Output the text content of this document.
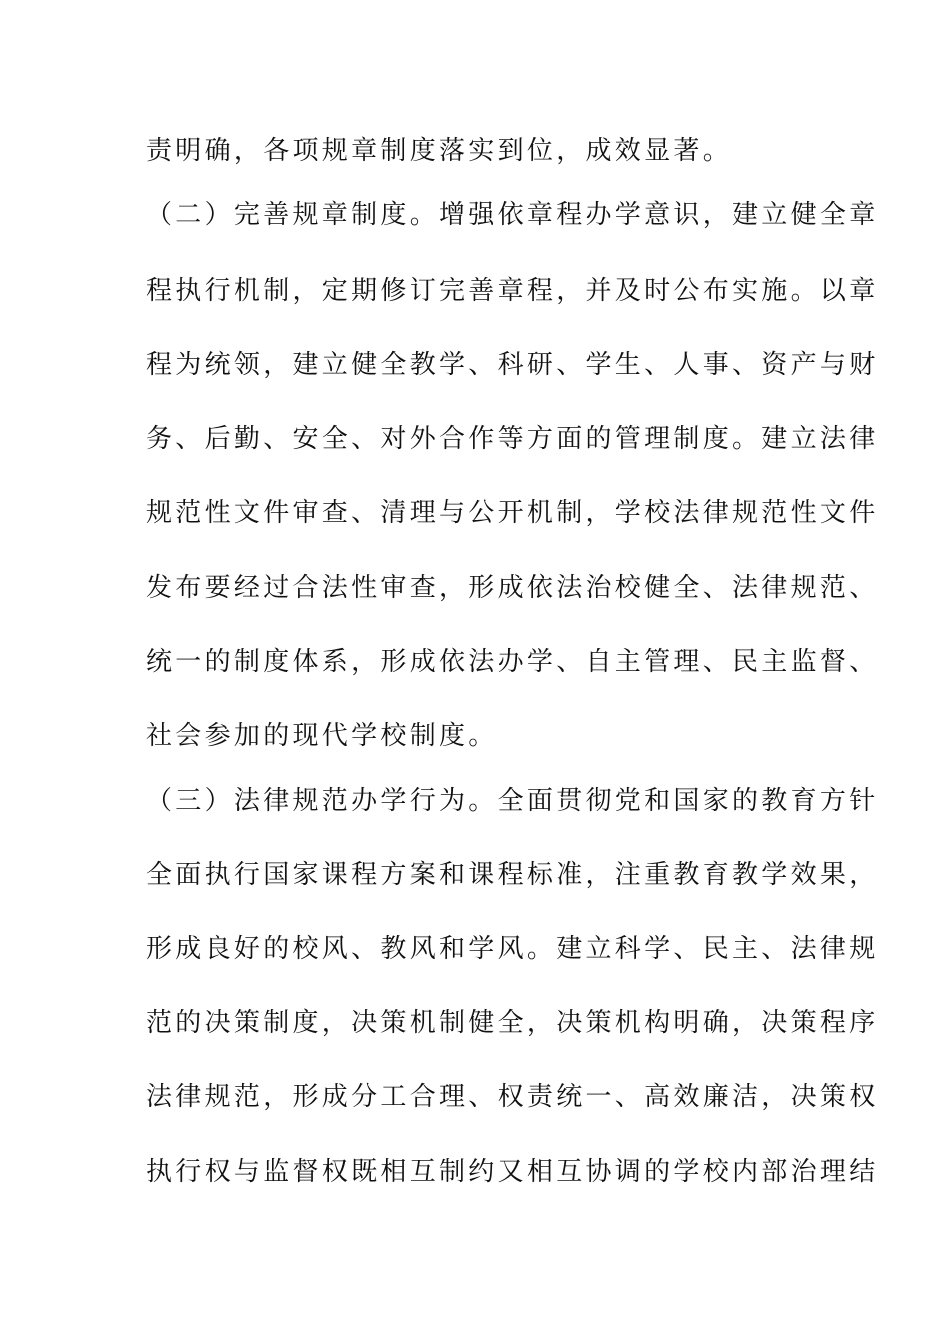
责明确，各项规章制度落实到位，成效显著。
（二）完善规章制度。增强依章程办学意识，建立健全章
程执行机制，定期修订完善章程，并及时公布实施。以章
程为统领，建立健全教学、科研、学生、人事、资产与财
务、后勤、安全、对外合作等方面的管理制度。建立法律
规范性文件审查、清理与公开机制，学校法律规范性文件
发布要经过合法性审查，形成依法治校健全、法律规范、
统一的制度体系，形成依法办学、自主管理、民主监督、
社会参加的现代学校制度。
（三）法律规范办学行为。全面贯彻党和国家的教育方针
全面执行国家课程方案和课程标准，注重教育教学效果，
形成良好的校风、教风和学风。建立科学、民主、法律规
范的决策制度，决策机制健全，决策机构明确，决策程序
法律规范，形成分工合理、权责统一、高效廉洁，决策权
执行权与监督权既相互制约又相互协调的学校内部治理结
